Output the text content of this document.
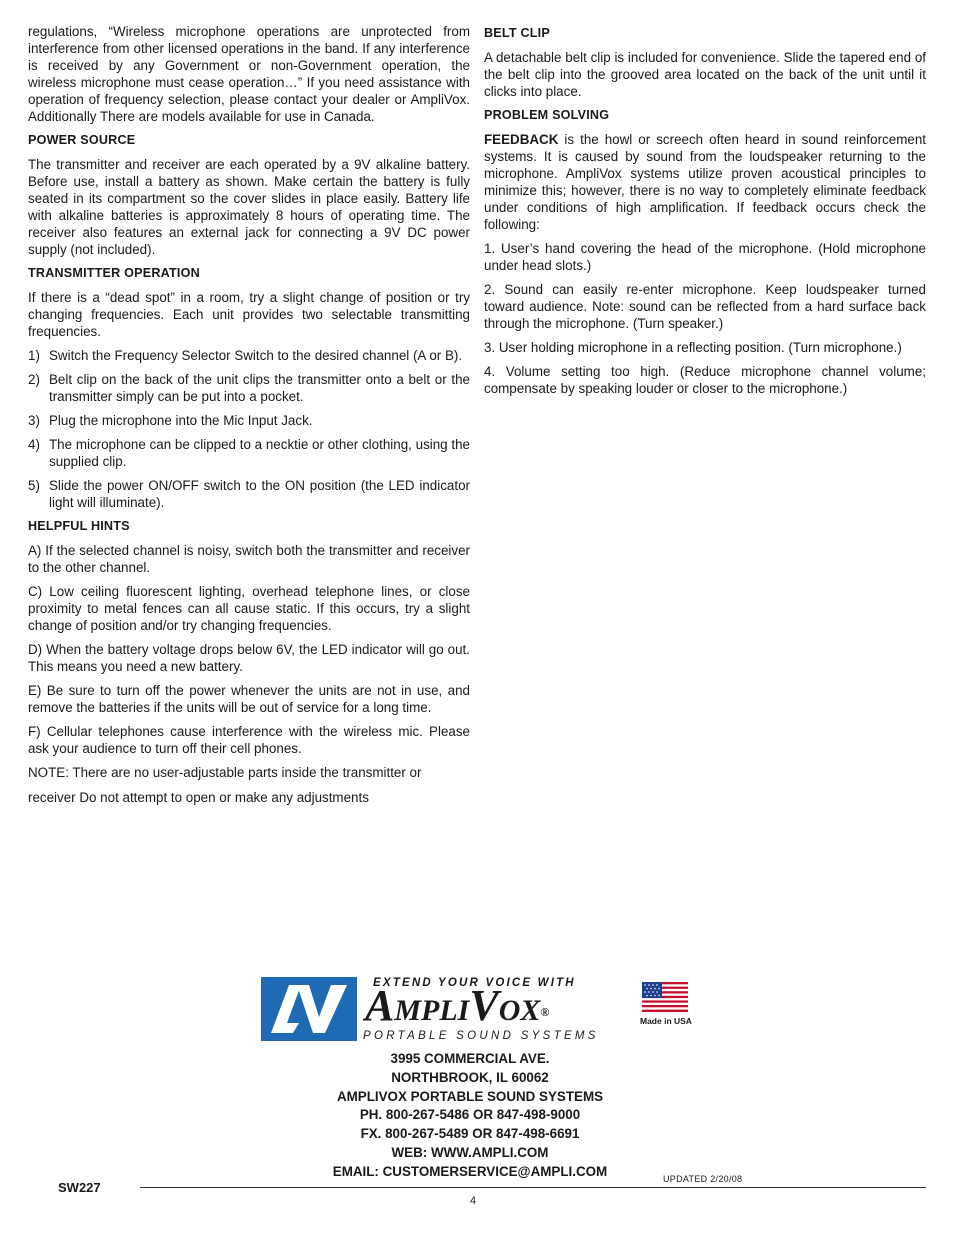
regulations, “Wireless microphone operations are unprotected from interference from other licensed operations in the band. If any interference is received by any Government or non-Government operation, the wireless microphone must cease operation…” If you need assistance with operation of frequency selection, please contact your dealer or AmpliVox. Additionally There are models available for use in Canada.

POWER SOURCE

The transmitter and receiver are each operated by a 9V alkaline battery. Before use, install a battery as shown. Make certain the battery is fully seated in its compartment so the cover slides in place easily. Battery life with alkaline batteries is approximately 8 hours of operating time. The receiver also features an external jack for connecting a 9V DC power supply (not included).

TRANSMITTER OPERATION

If there is a “dead spot” in a room, try a slight change of position or try changing frequencies. Each unit provides two selectable transmitting frequencies.

1) Switch the Frequency Selector Switch to the desired channel (A or B).
2) Belt clip on the back of the unit clips the transmitter onto a belt or the transmitter simply can be put into a pocket.
3) Plug the microphone into the Mic Input Jack.
4) The microphone can be clipped to a necktie or other clothing, using the supplied clip.
5) Slide the power ON/OFF switch to the ON position (the LED indicator light will illuminate).
HELPFUL HINTS

A) If the selected channel is noisy, switch both the transmitter and receiver to the other channel.

C) Low ceiling fluorescent lighting, overhead telephone lines, or close proximity to metal fences can all cause static. If this occurs, try a slight change of position and/or try changing frequencies.

D) When the battery voltage drops below 6V, the LED indicator will go out. This means you need a new battery.

E) Be sure to turn off the power whenever the units are not in use, and remove the batteries if the units will be out of service for a long time.

F) Cellular telephones cause interference with the wireless mic. Please ask your audience to turn off their cell phones.

NOTE: There are no user-adjustable parts inside the transmitter or

receiver Do not attempt to open or make any adjustments

BELT CLIP

A detachable belt clip is included for convenience. Slide the tapered end of the belt clip into the grooved area located on the back of the unit until it clicks into place.

PROBLEM SOLVING

FEEDBACK is the howl or screech often heard in sound reinforcement systems. It is caused by sound from the loudspeaker returning to the microphone. AmpliVox systems utilize proven acoustical principles to minimize this; however, there is no way to completely eliminate feedback under conditions of high amplification. If feedback occurs check the following:

1. User’s hand covering the head of the microphone. (Hold microphone under head slots.)

2. Sound can easily re-enter microphone. Keep loudspeaker turned toward audience. Note: sound can be reflected from a hard surface back through the microphone. (Turn speaker.)

3. User holding microphone in a reflecting position. (Turn microphone.)

4. Volume setting too high. (Reduce microphone channel volume; compensate by speaking louder or closer to the microphone.)

EXTEND YOUR VOICE WITH
AMPLIVOX®
PORTABLE SOUND SYSTEMS
Made in USA
3995 COMMERCIAL AVE.
NORTHBROOK, IL 60062
AMPLIVOX PORTABLE SOUND SYSTEMS
PH. 800-267-5486 OR 847-498-9000
FX. 800-267-5489 OR 847-498-6691
WEB: WWW.AMPLI.COM
EMAIL: CUSTOMERSERVICE@AMPLI.COM
UPDATED 2/20/08
SW227
4
